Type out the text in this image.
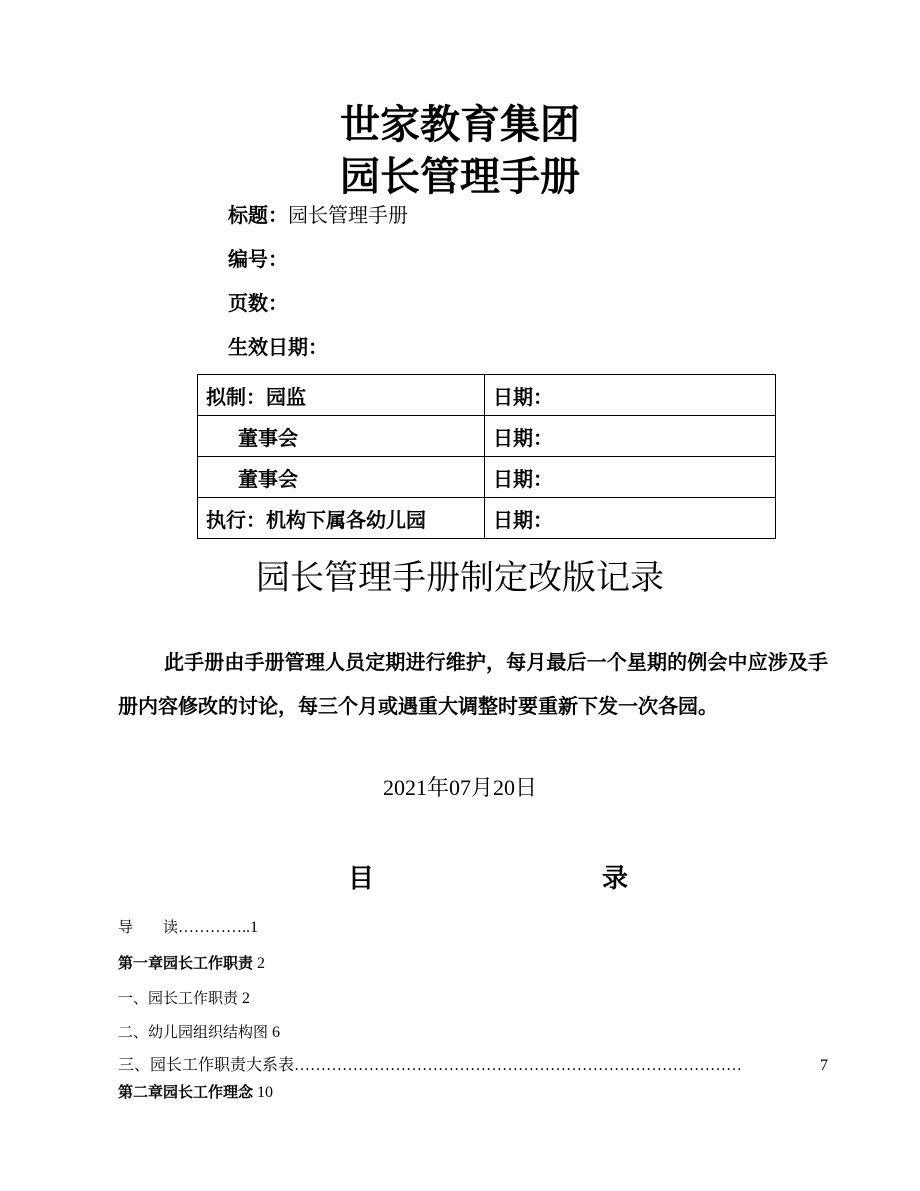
世家教育集团
园长管理手册
标题：园长管理手册
编号：
页数：
生效日期：
拟制：园监	日期：
董事会	日期：
董事会	日期：
执行：机构下属各幼儿园	日期：
园长管理手册制定改版记录
此手册由手册管理人员定期进行维护，每月最后一个星期的例会中应涉及手册内容修改的讨论，每三个月或遇重大调整时要重新下发一次各园。
2021年07月20日
目	录
导　　读…………..1
第一章园长工作职责 2
一、园长工作职责 2
二、幼儿园组织结构图 6
三、园长工作职责大系表 …………………………………………………………………………	7
第二章园长工作理念 10
